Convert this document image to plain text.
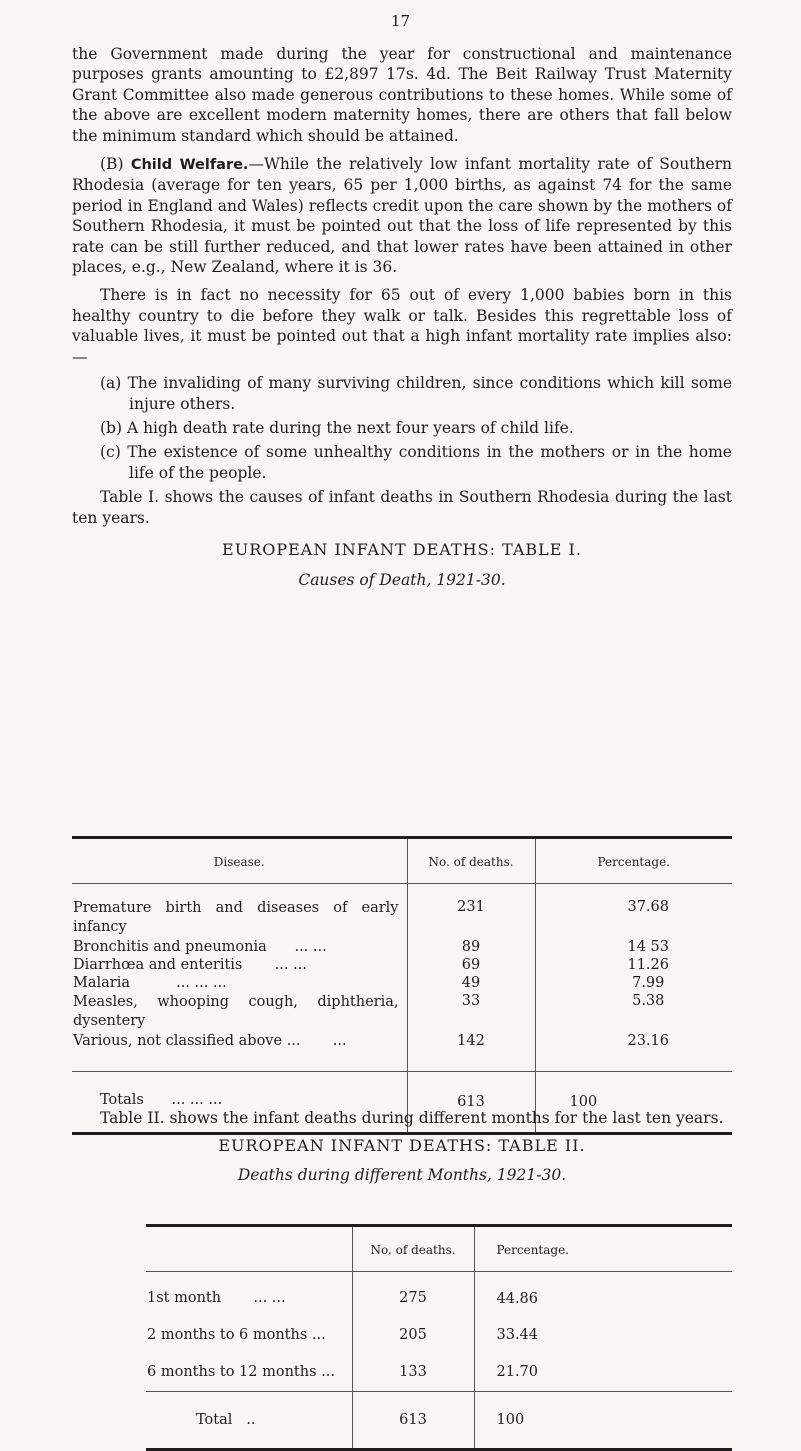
17

the Government made during the year for constructional and maintenance purposes grants amounting to £2,897 17s. 4d. The Beit Railway Trust Maternity Grant Committee also made generous contributions to these homes. While some of the above are excellent modern maternity homes, there are others that fall below the minimum standard which should be attained.

(B) Child Welfare.—While the relatively low infant mortality rate of Southern Rhodesia (average for ten years, 65 per 1,000 births, as against 74 for the same period in England and Wales) reflects credit upon the care shown by the mothers of Southern Rhodesia, it must be pointed out that the loss of life represented by this rate can be still further reduced, and that lower rates have been attained in other places, e.g., New Zealand, where it is 36.

There is in fact no necessity for 65 out of every 1,000 babies born in this healthy country to die before they walk or talk. Besides this regrettable loss of valuable lives, it must be pointed out that a high infant mortality rate implies also:—

(a) The invaliding of many surviving children, since conditions which kill some injure others.

(b) A high death rate during the next four years of child life.

(c) The existence of some unhealthy conditions in the mothers or in the home life of the people.

Table I. shows the causes of infant deaths in Southern Rhodesia during the last ten years.

EUROPEAN INFANT DEATHS: TABLE I.

Causes of Death, 1921-30.

Disease.	No. of deaths.	Percentage.

Premature birth and diseases of early infancy	231	37.68
Bronchitis and pneumonia ... ...	89	14 53
Diarrhœa and enteritis ... ...	69	11.26
Malaria ... ... ...	49	7.99
Measles, whooping cough, diphtheria, dysentery	33	5.38
Various, not classified above ... ...	142	23.16

Totals ... ... ...	613	100

Table II. shows the infant deaths during different months for the last ten years.

EUROPEAN INFANT DEATHS: TABLE II.

Deaths during different Months, 1921-30.

	No. of deaths.	Percentage.
1st month ... ...	275	44.86
2 months to 6 months ...	205	33.44
6 months to 12 months ...	133	21.70
Total ..	613	100
